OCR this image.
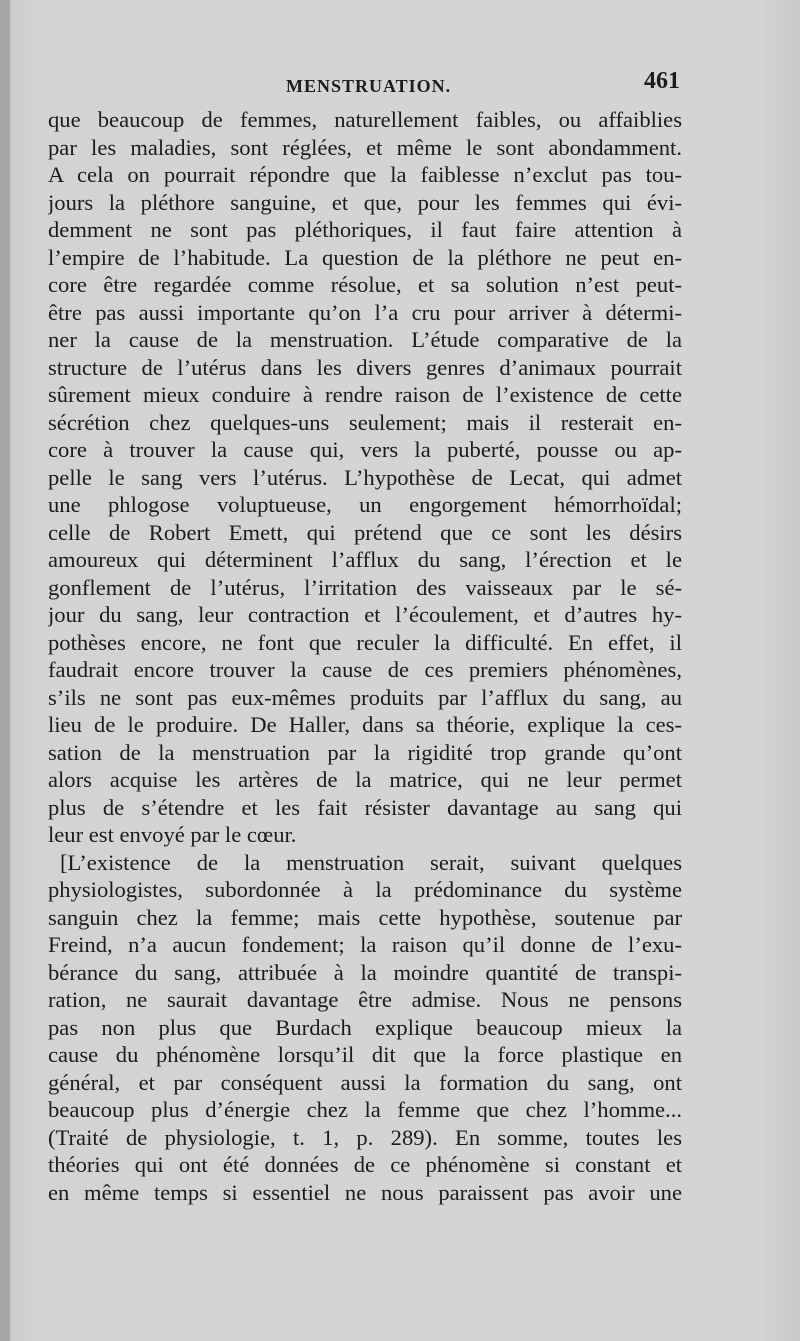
MENSTRUATION.	461
que beaucoup de femmes, naturellement faibles, ou affaiblies
par les maladies, sont réglées, et même le sont abondamment.
A cela on pourrait répondre que la faiblesse n’exclut pas tou-
jours la pléthore sanguine, et que, pour les femmes qui évi-
demment ne sont pas pléthoriques, il faut faire attention à
l’empire de l’habitude. La question de la pléthore ne peut en-
core être regardée comme résolue, et sa solution n’est peut-
être pas aussi importante qu’on l’a cru pour arriver à détermi-
ner la cause de la menstruation. L’étude comparative de la
structure de l’utérus dans les divers genres d’animaux pourrait
sûrement mieux conduire à rendre raison de l’existence de cette
sécrétion chez quelques-uns seulement; mais il resterait en-
core à trouver la cause qui, vers la puberté, pousse ou ap-
pelle le sang vers l’utérus. L’hypothèse de Lecat, qui admet
une phlogose voluptueuse, un engorgement hémorrhoïdal;
celle de Robert Emett, qui prétend que ce sont les désirs
amoureux qui déterminent l’afflux du sang, l’érection et le
gonflement de l’utérus, l’irritation des vaisseaux par le sé-
jour du sang, leur contraction et l’écoulement, et d’autres hy-
pothèses encore, ne font que reculer la difficulté. En effet, il
faudrait encore trouver la cause de ces premiers phénomènes,
s’ils ne sont pas eux-mêmes produits par l’afflux du sang, au
lieu de le produire. De Haller, dans sa théorie, explique la ces-
sation de la menstruation par la rigidité trop grande qu’ont
alors acquise les artères de la matrice, qui ne leur permet
plus de s’étendre et les fait résister davantage au sang qui
leur est envoyé par le cœur.
[L’existence de la menstruation serait, suivant quelques
physiologistes, subordonnée à la prédominance du système
sanguin chez la femme; mais cette hypothèse, soutenue par
Freind, n’a aucun fondement; la raison qu’il donne de l’exu-
bérance du sang, attribuée à la moindre quantité de transpi-
ration, ne saurait davantage être admise. Nous ne pensons
pas non plus que Burdach explique beaucoup mieux la
cause du phénomène lorsqu’il dit que la force plastique en
général, et par conséquent aussi la formation du sang, ont
beaucoup plus d’énergie chez la femme que chez l’homme...
(Traité de physiologie, t. 1, p. 289). En somme, toutes les
théories qui ont été données de ce phénomène si constant et
en même temps si essentiel ne nous paraissent pas avoir une
